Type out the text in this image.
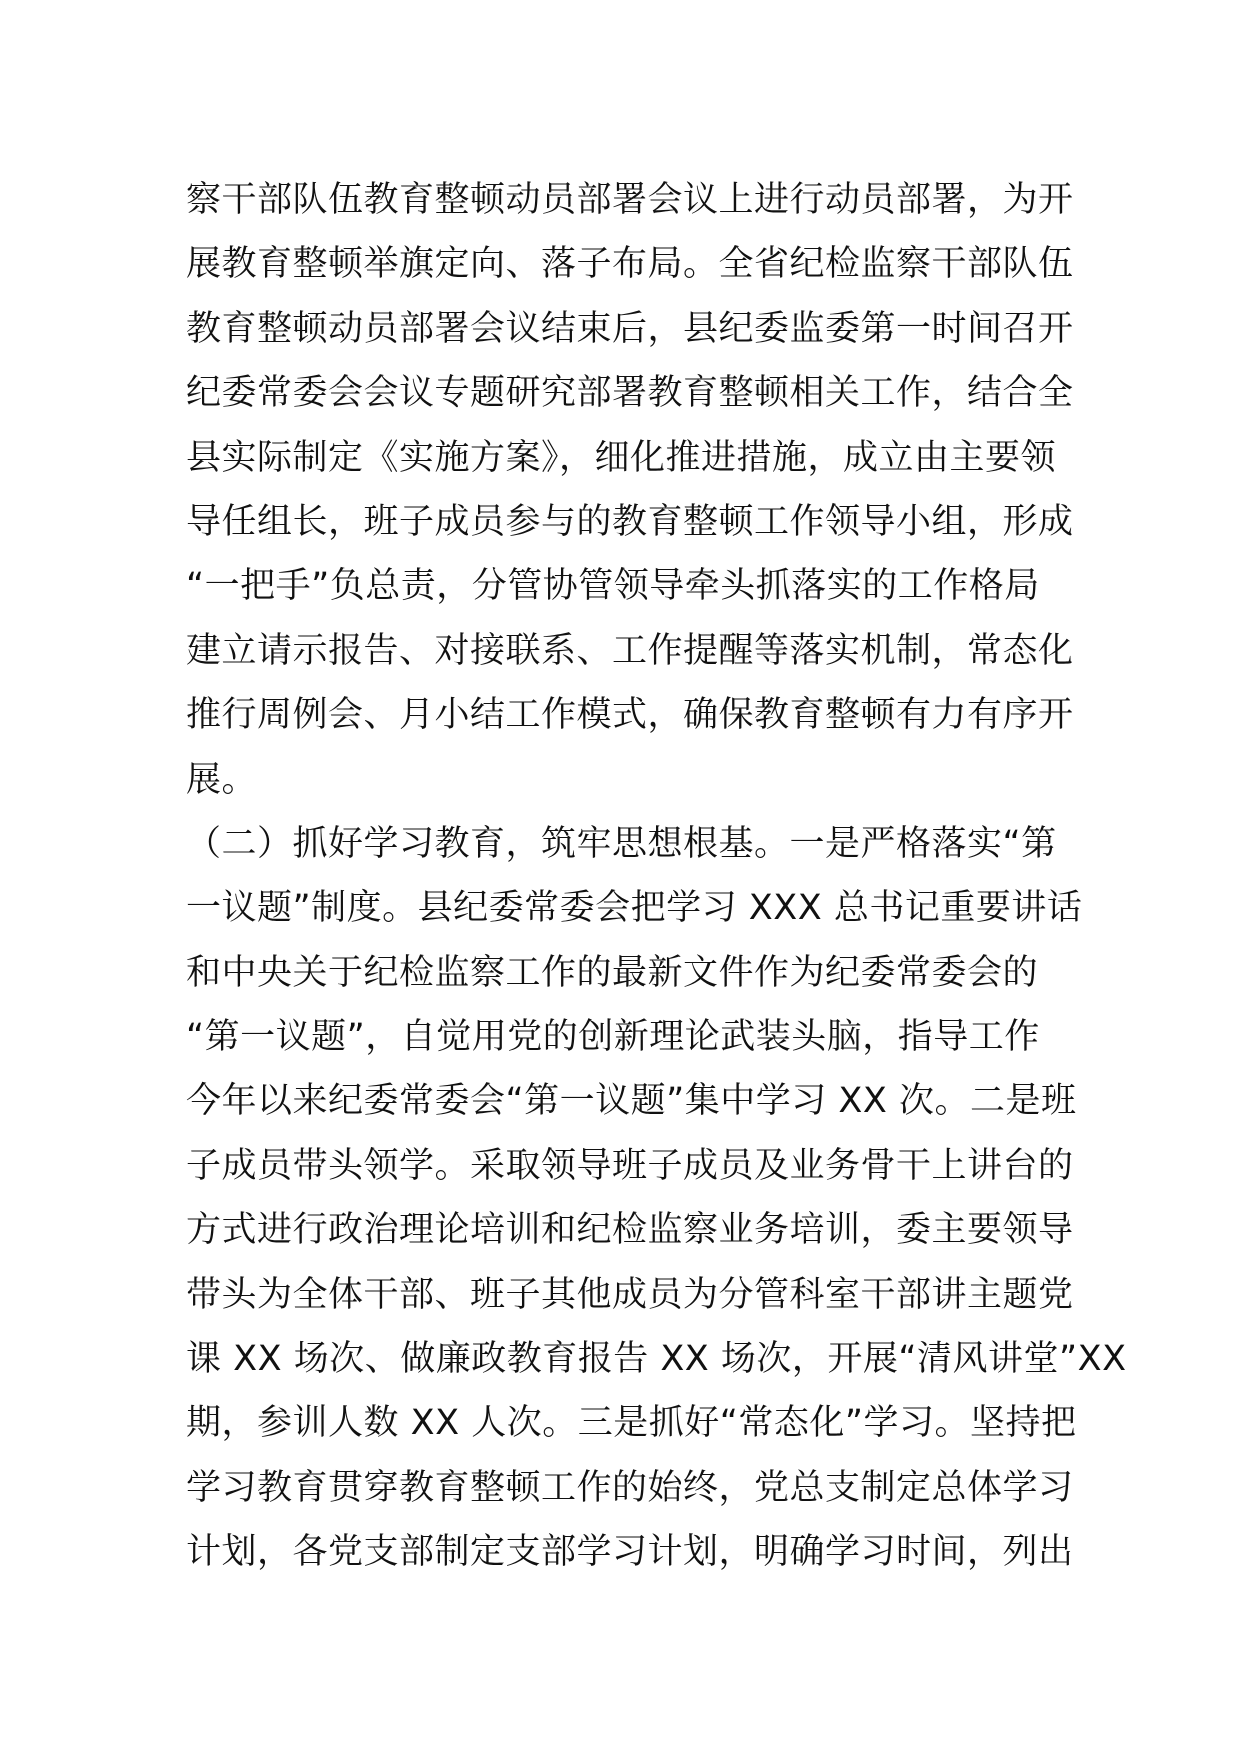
察干部队伍教育整顿动员部署会议上进行动员部署，为开
展教育整顿举旗定向、落子布局。全省纪检监察干部队伍
教育整顿动员部署会议结束后，县纪委监委第一时间召开
纪委常委会会议专题研究部署教育整顿相关工作，结合全
县实际制定《实施方案》，细化推进措施，成立由主要领
导任组长，班子成员参与的教育整顿工作领导小组，形成
“一把手”负总责，分管协管领导牵头抓落实的工作格局
建立请示报告、对接联系、工作提醒等落实机制，常态化
推行周例会、月小结工作模式，确保教育整顿有力有序开
展。
（二）抓好学习教育，筑牢思想根基。一是严格落实“第
一议题”制度。县纪委常委会把学习 XXX 总书记重要讲话
和中央关于纪检监察工作的最新文件作为纪委常委会的
“第一议题”，自觉用党的创新理论武装头脑，指导工作
今年以来纪委常委会“第一议题”集中学习 XX 次。二是班
子成员带头领学。采取领导班子成员及业务骨干上讲台的
方式进行政治理论培训和纪检监察业务培训，委主要领导
带头为全体干部、班子其他成员为分管科室干部讲主题党
课 XX 场次、做廉政教育报告 XX 场次，开展“清风讲堂”XX
期，参训人数 XX 人次。三是抓好“常态化”学习。坚持把
学习教育贯穿教育整顿工作的始终，党总支制定总体学习
计划，各党支部制定支部学习计划，明确学习时间，列出
